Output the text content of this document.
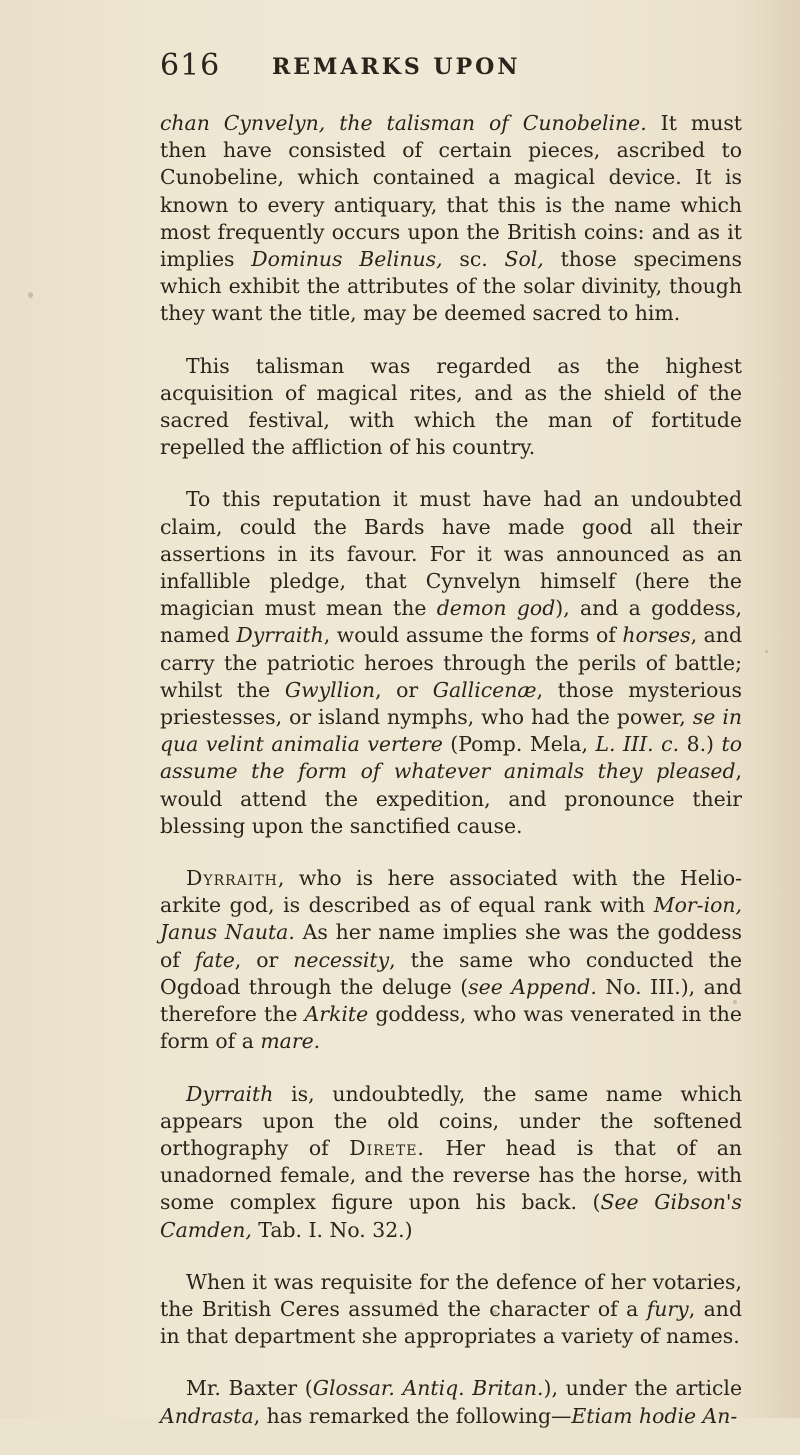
616 REMARKS UPON

chan Cynvelyn, the talisman of Cunobeline. It must then have consisted of certain pieces, ascribed to Cunobeline, which contained a magical device. It is known to every antiquary, that this is the name which most frequently occurs upon the British coins: and as it implies Dominus Belinus, sc. Sol, those specimens which exhibit the attributes of the solar divinity, though they want the title, may be deemed sacred to him.

This talisman was regarded as the highest acquisition of magical rites, and as the shield of the sacred festival, with which the man of fortitude repelled the affliction of his country.

To this reputation it must have had an undoubted claim, could the Bards have made good all their assertions in its favour. For it was announced as an infallible pledge, that Cynvelyn himself (here the magician must mean the demon god), and a goddess, named Dyrraith, would assume the forms of horses, and carry the patriotic heroes through the perils of battle; whilst the Gwyllion, or Gallicenæ, those mysterious priestesses, or island nymphs, who had the power, se in qua velint animalia vertere (Pomp. Mela, L. III. c. 8.) to assume the form of whatever animals they pleased, would attend the expedition, and pronounce their blessing upon the sanctified cause.

Dyrraith, who is here associated with the Helio-arkite god, is described as of equal rank with Mor-ion, Janus Nauta. As her name implies she was the goddess of fate, or necessity, the same who conducted the Ogdoad through the deluge (see Append. No. III.), and therefore the Arkite goddess, who was venerated in the form of a mare.

Dyrraith is, undoubtedly, the same name which appears upon the old coins, under the softened orthography of Direte. Her head is that of an unadorned female, and the reverse has the horse, with some complex figure upon his back. (See Gibson's Camden, Tab. I. No. 32.)

When it was requisite for the defence of her votaries, the British Ceres assumed the character of a fury, and in that department she appropriates a variety of names.

Mr. Baxter (Glossar. Antiq. Britan.), under the article Andrasta, has remarked the following—Etiam hodie An-
